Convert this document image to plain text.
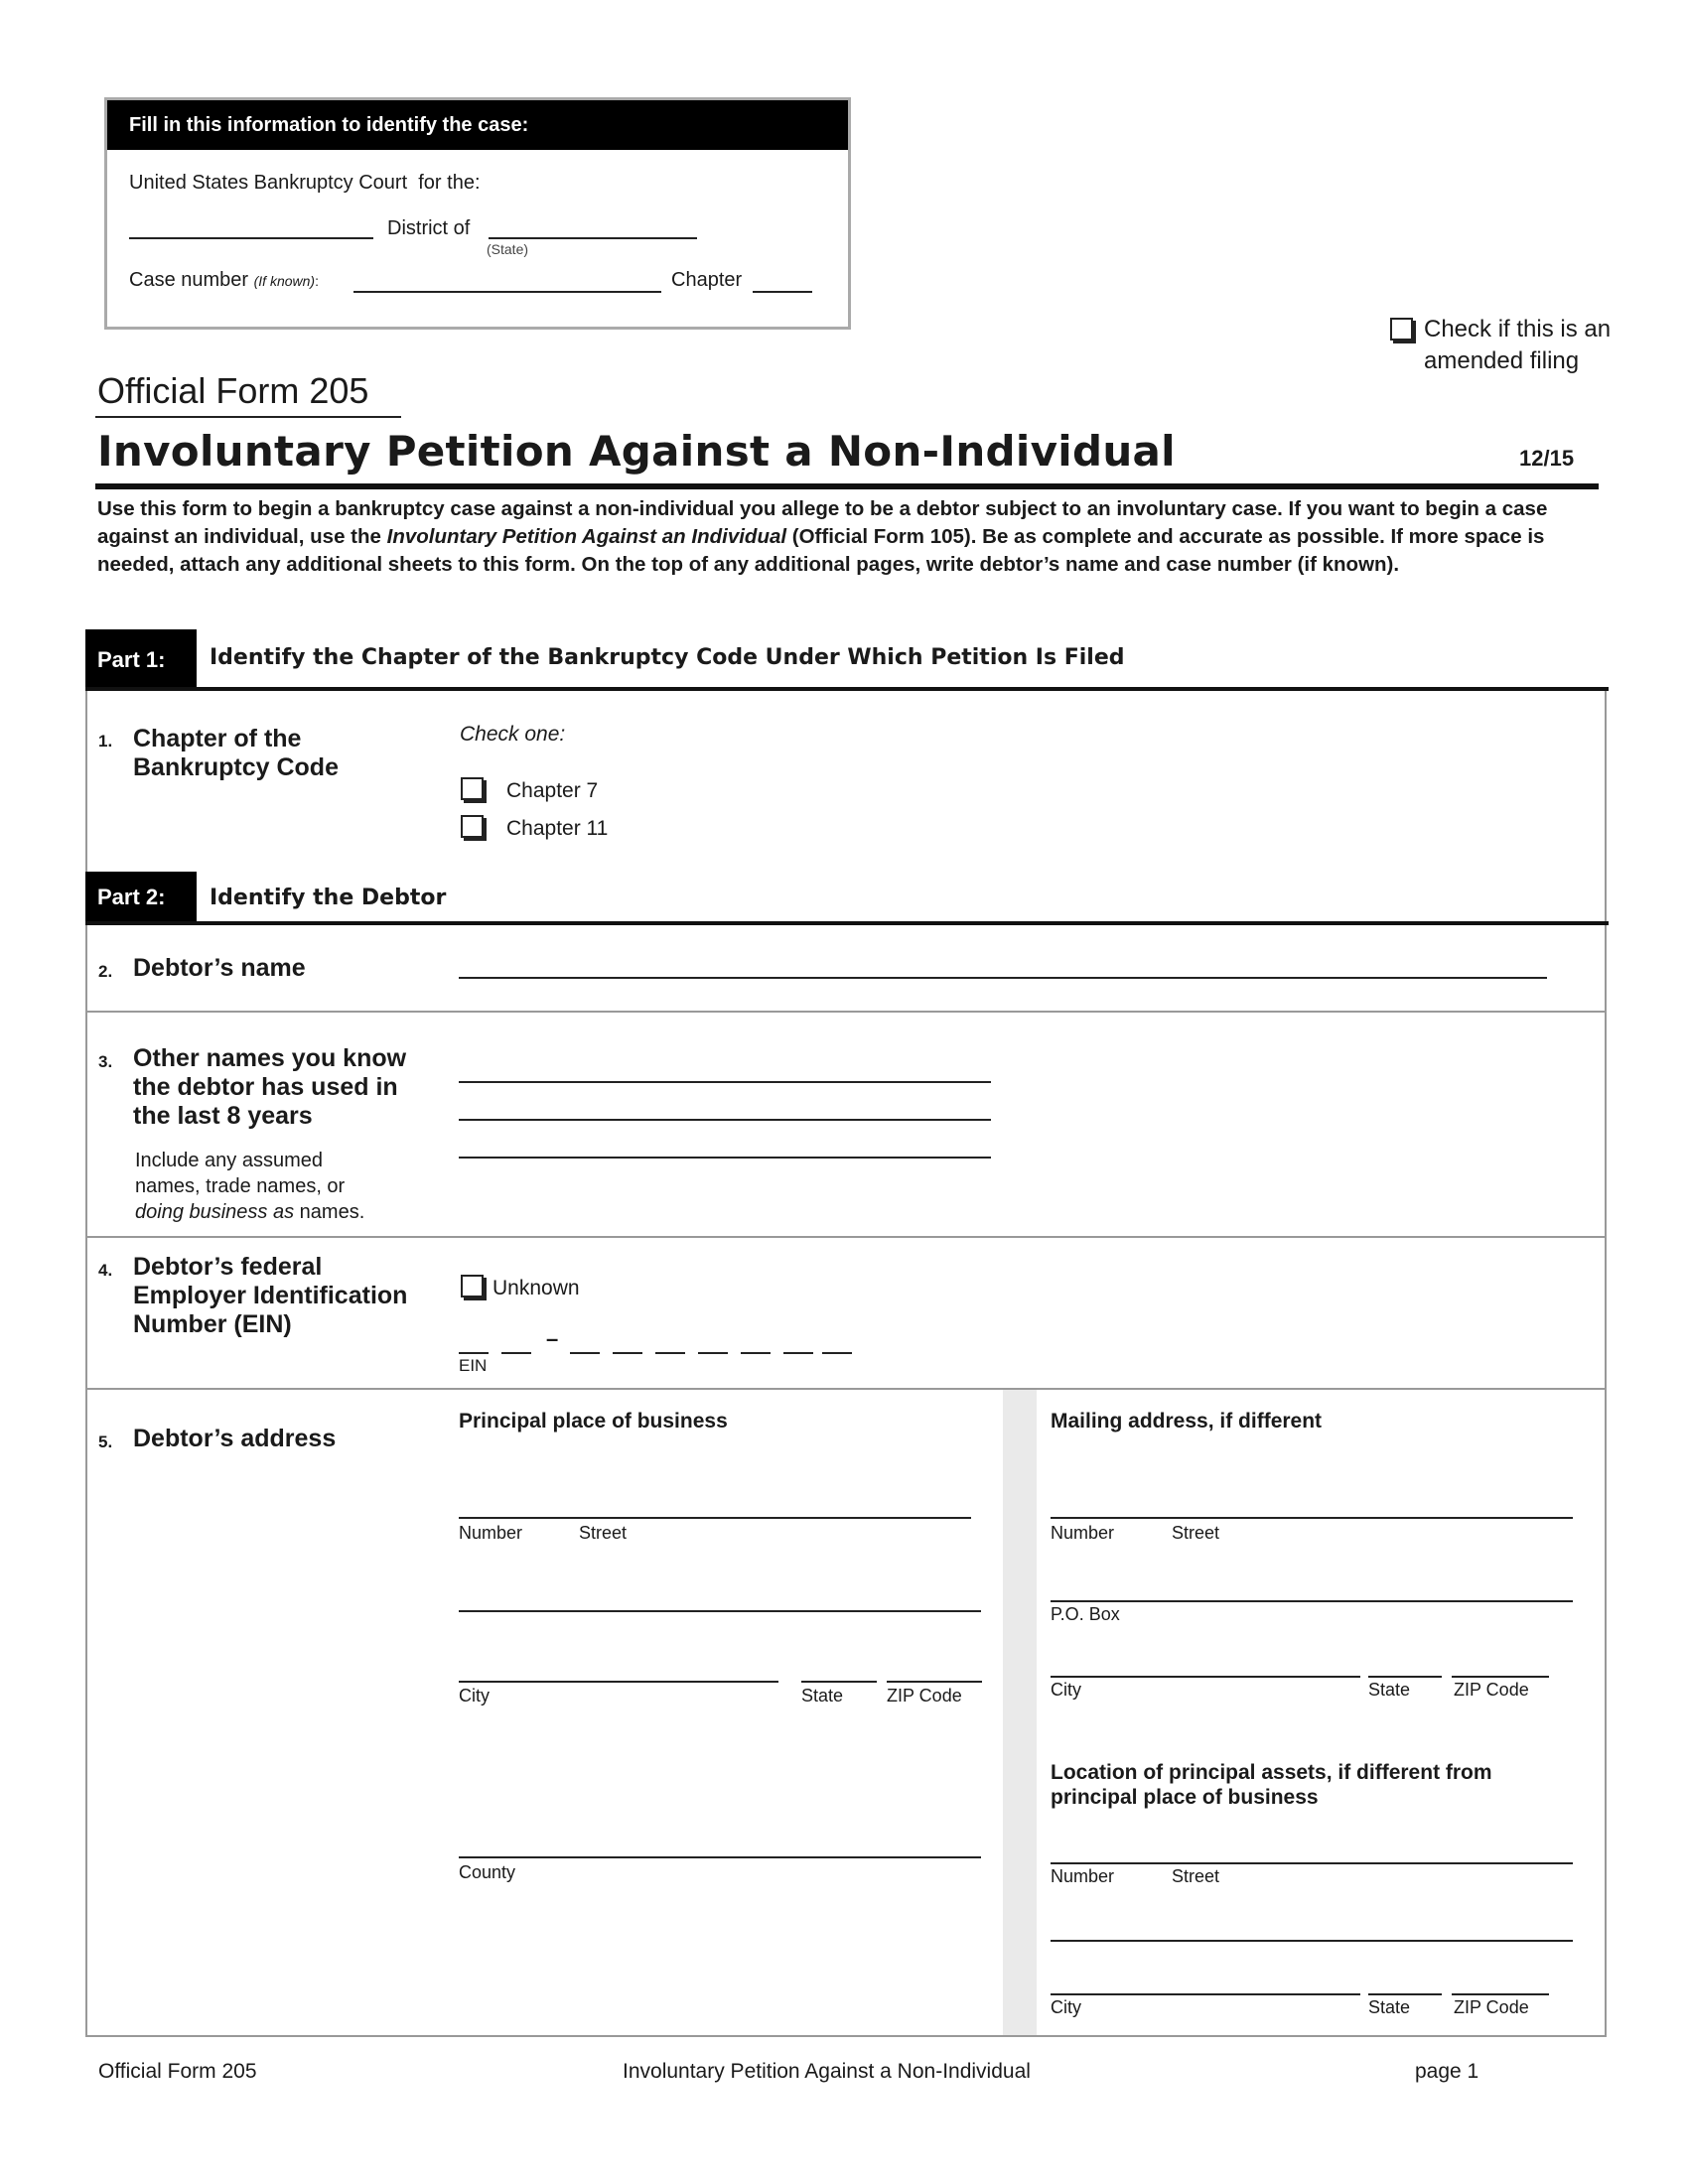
Fill in this information to identify the case:
United States Bankruptcy Court  for the:
District of
(State)
Case number (If known):	Chapter
Check if this is an
amended filing
Official Form 205
Involuntary Petition Against a Non-Individual	12/15
Use this form to begin a bankruptcy case against a non-individual you allege to be a debtor subject to an involuntary case. If you want to begin a case against an individual, use the Involuntary Petition Against an Individual (Official Form 105). Be as complete and accurate as possible. If more space is needed, attach any additional sheets to this form. On the top of any additional pages, write debtor’s name and case number (if known).
Part 1:	Identify the Chapter of the Bankruptcy Code Under Which Petition Is Filed
1. Chapter of the
Bankruptcy Code
Check one:
Chapter 7
Chapter 11
Part 2:	Identify the Debtor
2. Debtor’s name
3. Other names you know
the debtor has used in
the last 8 years
Include any assumed
names, trade names, or
doing business as names.
4. Debtor’s federal
Employer Identification
Number (EIN)
Unknown
–
EIN
5. Debtor’s address
Principal place of business
Number	Street
City	State ZIP Code
County
Mailing address, if different
Number	Street
P.O. Box
City	State ZIP Code
Location of principal assets, if different from
principal place of business
Number	Street
City	State ZIP Code
Official Form 205	Involuntary Petition Against a Non-Individual	page 1
